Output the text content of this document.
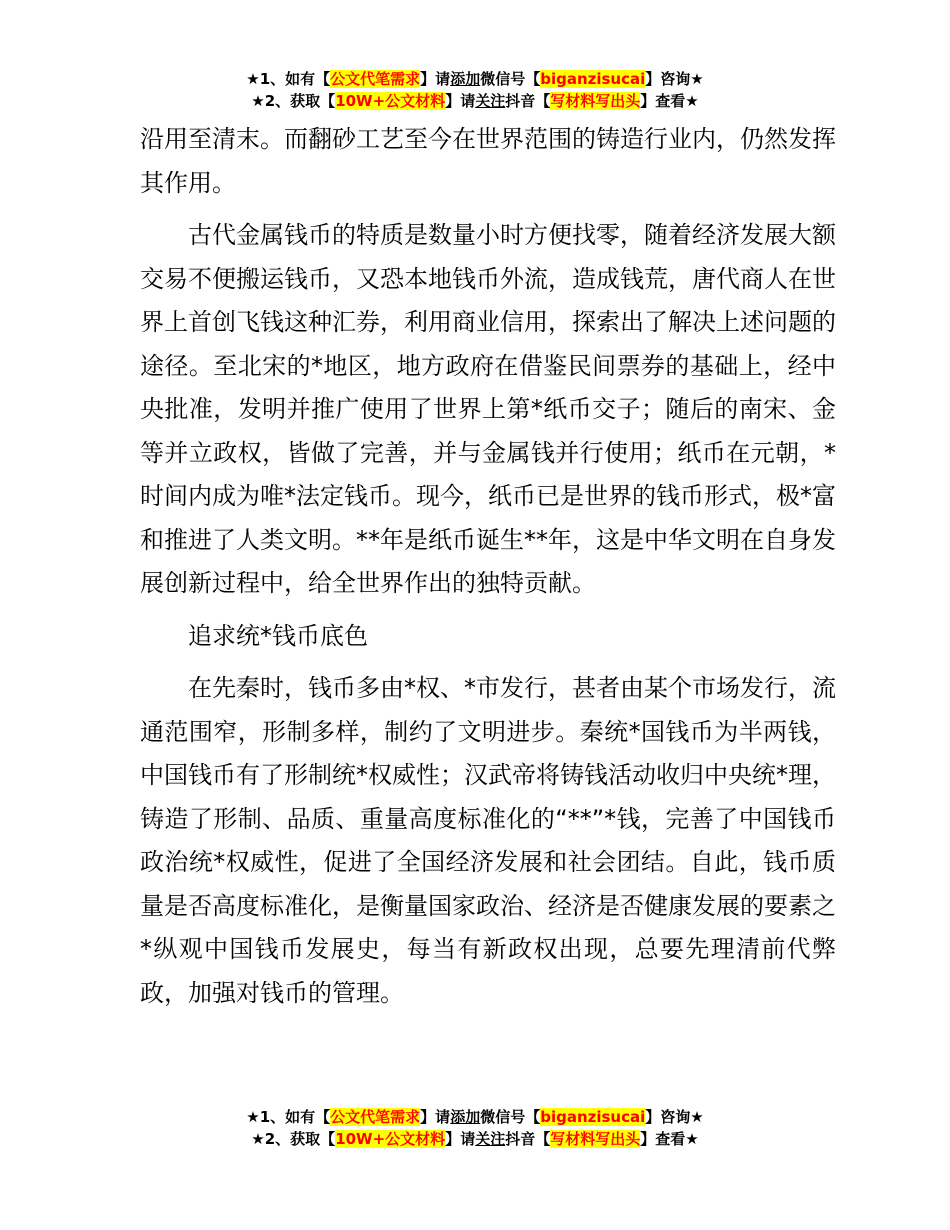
★1、如有【公文代笔需求】请添加微信号【biganzisucai】咨询★
★2、获取【10W+公文材料】请关注抖音【写材料写出头】查看★

沿用至清末。而翻砂工艺至今在世界范围的铸造行业内，仍然发挥其作用。

古代金属钱币的特质是数量小时方便找零，随着经济发展大额交易不便搬运钱币，又恐本地钱币外流，造成钱荒，唐代商人在世界上首创飞钱这种汇券，利用商业信用，探索出了解决上述问题的途径。至北宋的*地区，地方政府在借鉴民间票券的基础上，经中央批准，发明并推广使用了世界上第*纸币交子；随后的南宋、金等并立政权，皆做了完善，并与金属钱并行使用；纸币在元朝，*时间内成为唯*法定钱币。现今，纸币已是世界的钱币形式，极*富和推进了人类文明。**年是纸币诞生**年，这是中华文明在自身发展创新过程中，给全世界作出的独特贡献。

追求统*钱币底色

在先秦时，钱币多由*权、*市发行，甚者由某个市场发行，流通范围窄，形制多样，制约了文明进步。秦统*国钱币为半两钱，中国钱币有了形制统*权威性；汉武帝将铸钱活动收归中央统*理，铸造了形制、品质、重量高度标准化的“**”*钱，完善了中国钱币政治统*权威性，促进了全国经济发展和社会团结。自此，钱币质量是否高度标准化，是衡量国家政治、经济是否健康发展的要素之*纵观中国钱币发展史，每当有新政权出现，总要先理清前代弊政，加强对钱币的管理。

★1、如有【公文代笔需求】请添加微信号【biganzisucai】咨询★
★2、获取【10W+公文材料】请关注抖音【写材料写出头】查看★
